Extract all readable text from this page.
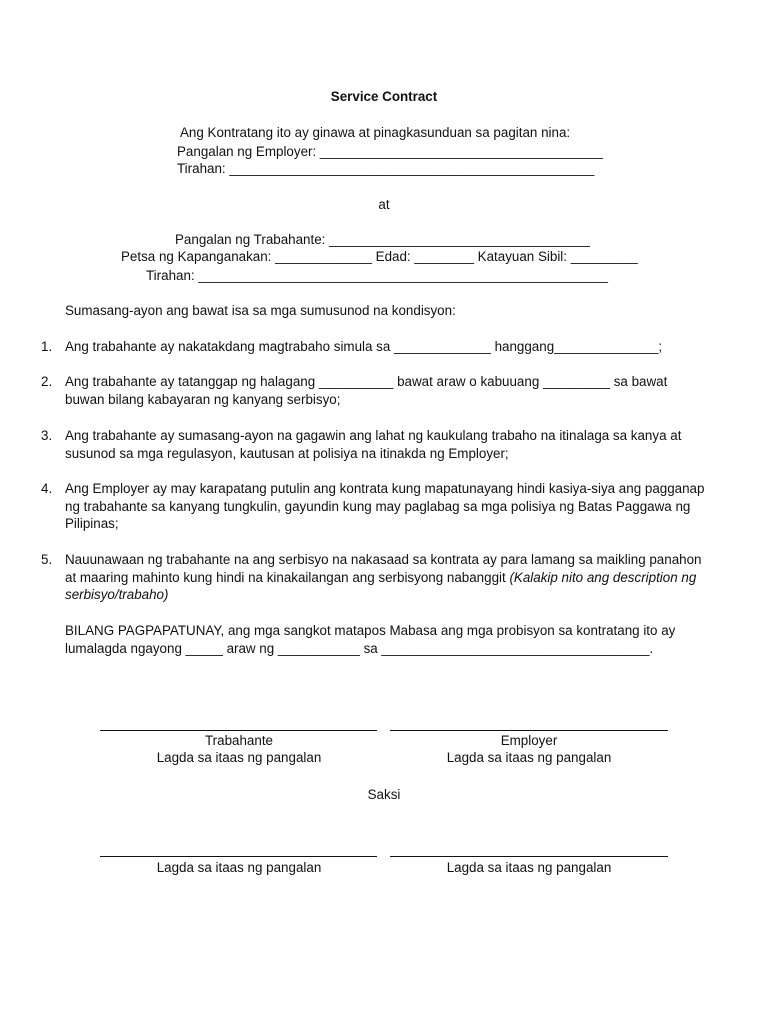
Service Contract
Ang Kontratang ito ay ginawa at pinagkasunduan sa pagitan nina:
Pangalan ng Employer: ______________________________________
Tirahan: _________________________________________________
at
Pangalan ng Trabahante: ___________________________________
Petsa ng Kapanganakan: _____________ Edad: ________ Katayuan Sibil: _________
Tirahan: _______________________________________________________
Sumasang-ayon ang bawat isa sa mga sumusunod na kondisyon:
1. Ang trabahante ay nakatakdang magtrabaho simula sa _____________ hanggang______________;
2. Ang trabahante ay tatanggap ng halagang __________ bawat araw o kabuuang _________ sa bawat buwan bilang kabayaran ng kanyang serbisyo;
3. Ang trabahante ay sumasang-ayon na gagawin ang lahat ng kaukulang trabaho na itinalaga sa kanya at susunod sa mga regulasyon, kautusan at polisiya na itinakda ng Employer;
4. Ang Employer ay may karapatang putulin ang kontrata kung mapatunayang hindi kasiya-siya ang pagganap ng trabahante sa kanyang tungkulin, gayundin kung may paglabag sa mga polisiya ng Batas Paggawa ng Pilipinas;
5. Nauunawaan ng trabahante na ang serbisyo na nakasaad sa kontrata ay para lamang sa maikling panahon at maaring mahinto kung hindi na kinakailangan ang serbisyong nabanggit (Kalakip nito ang description ng serbisyo/trabaho)
BILANG PAGPAPATUNAY, ang mga sangkot matapos Mabasa ang mga probisyon sa kontratang ito ay lumalagda ngayong _____ araw ng ___________ sa ____________________________________.
Trabahante	Employer
Lagda sa itaas ng pangalan	Lagda sa itaas ng pangalan
Saksi
Lagda sa itaas ng pangalan	Lagda sa itaas ng pangalan
